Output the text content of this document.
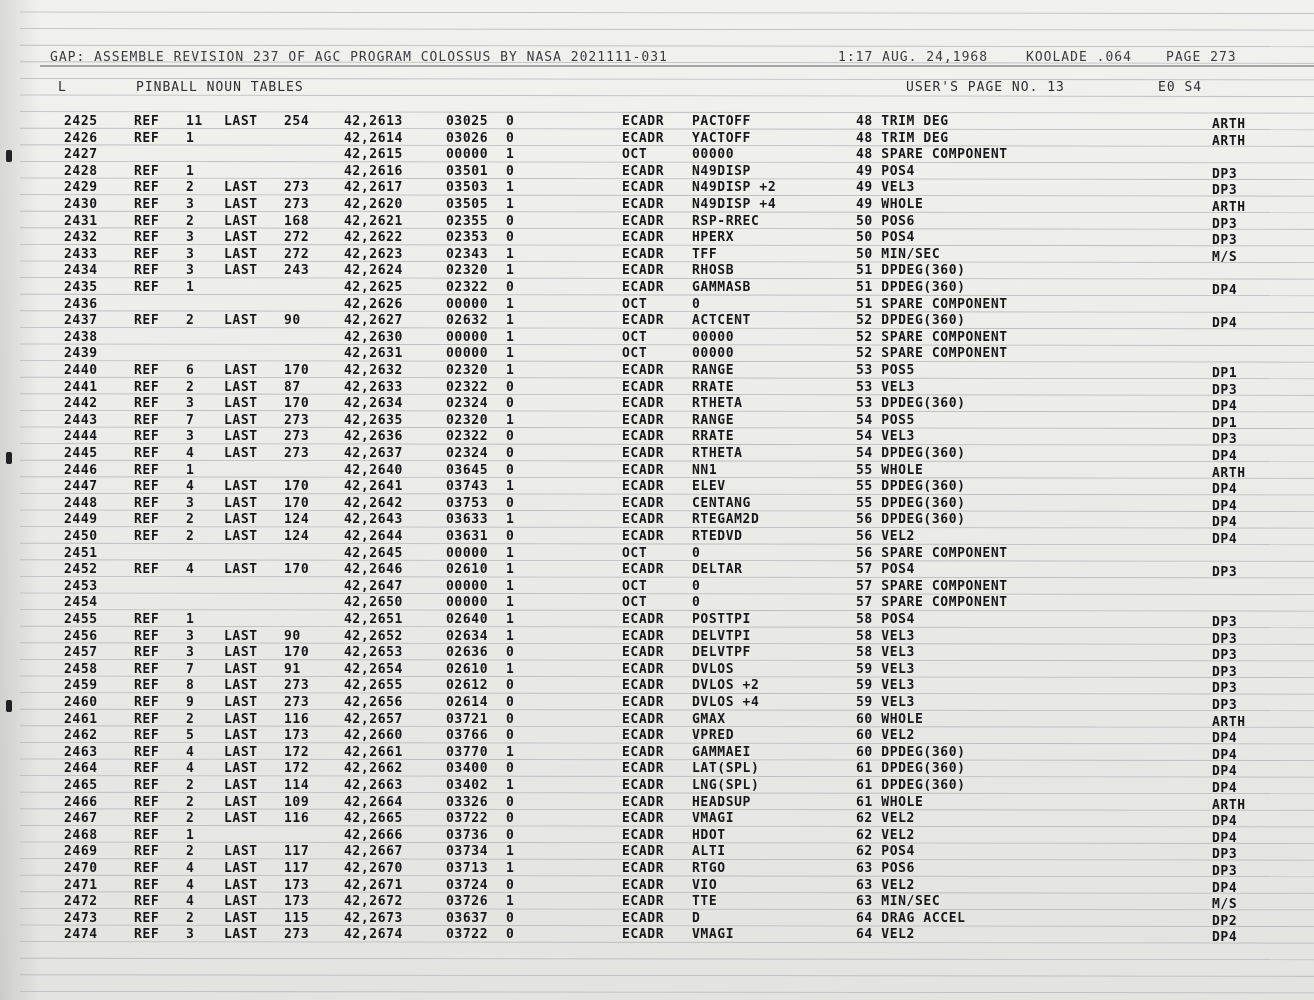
GAP: ASSEMBLE REVISION 237 OF AGC PROGRAM COLOSSUS BY NASA 2021111-031	1:17 AUG. 24,1968	KOOLADE .064	PAGE 273
L	PINBALL NOUN TABLES	USER'S PAGE NO. 13	E0 S4
2425	REF 11 LAST 254	42,2613	03025 0	ECADR PACTOFF	48 TRIM DEG	ARTH
2426	REF 1	42,2614	03026 0	ECADR YACTOFF	48 TRIM DEG	ARTH
2427	42,2615	00000 1	OCT	00000	48 SPARE COMPONENT
2428	REF 1	42,2616	03501 0	ECADR N49DISP	49 POS4	DP3
2429	REF 2 LAST 273	42,2617	03503 1	ECADR N49DISP +2	49 VEL3	DP3
2430	REF 3 LAST 273	42,2620	03505 1	ECADR N49DISP +4	49 WHOLE	ARTH
2431	REF 2 LAST 168	42,2621	02355 0	ECADR RSP-RREC	50 POS6	DP3
2432	REF 3 LAST 272	42,2622	02353 0	ECADR HPERX	50 POS4	DP3
2433	REF 3 LAST 272	42,2623	02343 1	ECADR TFF	50 MIN/SEC	M/S
2434	REF 3 LAST 243	42,2624	02320 1	ECADR RHOSB	51 DPDEG(360)
2435	REF 1	42,2625	02322 0	ECADR GAMMASB	51 DPDEG(360)	DP4
2436	42,2626	00000 1	OCT	0	51 SPARE COMPONENT
2437	REF 2 LAST 90	42,2627	02632 1	ECADR ACTCENT	52 DPDEG(360)	DP4
2438	42,2630	00000 1	OCT	00000	52 SPARE COMPONENT
2439	42,2631	00000 1	OCT	00000	52 SPARE COMPONENT
2440	REF 6 LAST 170	42,2632	02320 1	ECADR RANGE	53 POS5	DP1
2441	REF 2 LAST 87	42,2633	02322 0	ECADR RRATE	53 VEL3	DP3
2442	REF 3 LAST 170	42,2634	02324 0	ECADR RTHETA	53 DPDEG(360)	DP4
2443	REF 7 LAST 273	42,2635	02320 1	ECADR RANGE	54 POS5	DP1
2444	REF 3 LAST 273	42,2636	02322 0	ECADR RRATE	54 VEL3	DP3
2445	REF 4 LAST 273	42,2637	02324 0	ECADR RTHETA	54 DPDEG(360)	DP4
2446	REF 1	42,2640	03645 0	ECADR NN1	55 WHOLE	ARTH
2447	REF 4 LAST 170	42,2641	03743 1	ECADR ELEV	55 DPDEG(360)	DP4
2448	REF 3 LAST 170	42,2642	03753 0	ECADR CENTANG	55 DPDEG(360)	DP4
2449	REF 2 LAST 124	42,2643	03633 1	ECADR RTEGAM2D	56 DPDEG(360)	DP4
2450	REF 2 LAST 124	42,2644	03631 0	ECADR RTEDVD	56 VEL2	DP4
2451	42,2645	00000 1	OCT	0	56 SPARE COMPONENT
2452	REF 4 LAST 170	42,2646	02610 1	ECADR DELTAR	57 POS4	DP3
2453	42,2647	00000 1	OCT	0	57 SPARE COMPONENT
2454	42,2650	00000 1	OCT	0	57 SPARE COMPONENT
2455	REF 1	42,2651	02640 1	ECADR POSTTPI	58 POS4	DP3
2456	REF 3 LAST 90	42,2652	02634 1	ECADR DELVTPI	58 VEL3	DP3
2457	REF 3 LAST 170	42,2653	02636 0	ECADR DELVTPF	58 VEL3	DP3
2458	REF 7 LAST 91	42,2654	02610 1	ECADR DVLOS	59 VEL3	DP3
2459	REF 8 LAST 273	42,2655	02612 0	ECADR DVLOS +2	59 VEL3	DP3
2460	REF 9 LAST 273	42,2656	02614 0	ECADR DVLOS +4	59 VEL3	DP3
2461	REF 2 LAST 116	42,2657	03721 0	ECADR GMAX	60 WHOLE	ARTH
2462	REF 5 LAST 173	42,2660	03766 0	ECADR VPRED	60 VEL2	DP4
2463	REF 4 LAST 172	42,2661	03770 1	ECADR GAMMAEI	60 DPDEG(360)	DP4
2464	REF 4 LAST 172	42,2662	03400 0	ECADR LAT(SPL)	61 DPDEG(360)	DP4
2465	REF 2 LAST 114	42,2663	03402 1	ECADR LNG(SPL)	61 DPDEG(360)	DP4
2466	REF 2 LAST 109	42,2664	03326 0	ECADR HEADSUP	61 WHOLE	ARTH
2467	REF 2 LAST 116	42,2665	03722 0	ECADR VMAGI	62 VEL2	DP4
2468	REF 1	42,2666	03736 0	ECADR HDOT	62 VEL2	DP4
2469	REF 2 LAST 117	42,2667	03734 1	ECADR ALTI	62 POS4	DP3
2470	REF 4 LAST 117	42,2670	03713 1	ECADR RTGO	63 POS6	DP3
2471	REF 4 LAST 173	42,2671	03724 0	ECADR VIO	63 VEL2	DP4
2472	REF 4 LAST 173	42,2672	03726 1	ECADR TTE	63 MIN/SEC	M/S
2473	REF 2 LAST 115	42,2673	03637 0	ECADR D	64 DRAG ACCEL	DP2
2474	REF 3 LAST 273	42,2674	03722 0	ECADR VMAGI	64 VEL2	DP4
